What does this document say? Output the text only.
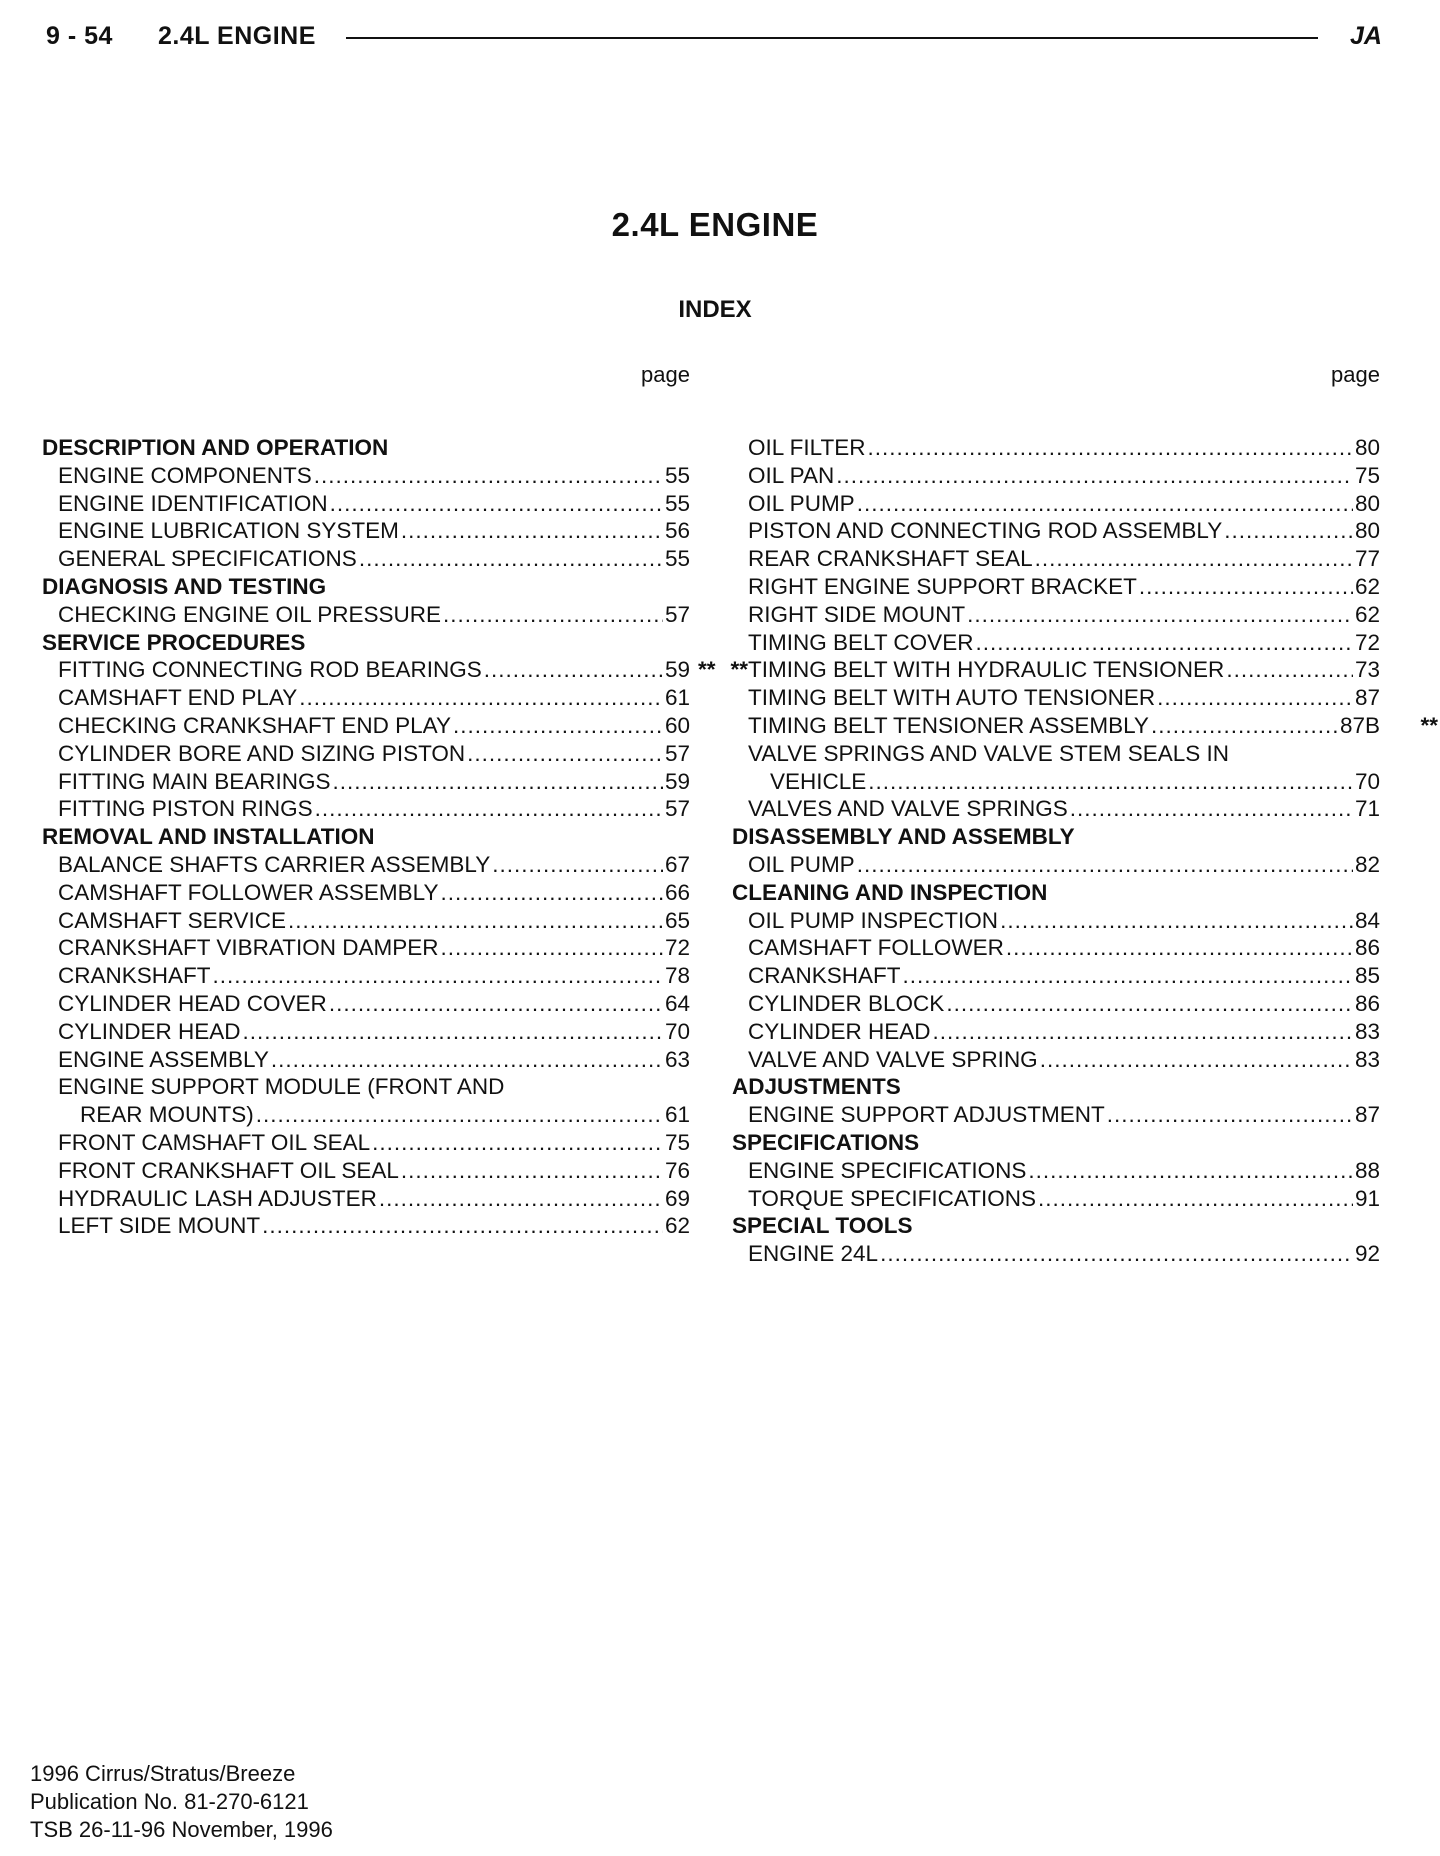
9 - 54 2.4L ENGINE	JA
2.4L ENGINE
INDEX
page
DESCRIPTION AND OPERATION
ENGINE COMPONENTS .....	55
ENGINE IDENTIFICATION .....	55
ENGINE LUBRICATION SYSTEM .....	56
GENERAL SPECIFICATIONS .....	55
DIAGNOSIS AND TESTING
CHECKING ENGINE OIL PRESSURE .....	57
SERVICE PROCEDURES
FITTING CONNECTING ROD BEARINGS .....	59 **
CAMSHAFT END PLAY .....	61
CHECKING CRANKSHAFT END PLAY .....	60
CYLINDER BORE AND SIZING PISTON .....	57
FITTING MAIN BEARINGS .....	59
FITTING PISTON RINGS .....	57
REMOVAL AND INSTALLATION
BALANCE SHAFTS CARRIER ASSEMBLY .....	67
CAMSHAFT FOLLOWER ASSEMBLY .....	66
CAMSHAFT SERVICE .....	65
CRANKSHAFT VIBRATION DAMPER .....	72
CRANKSHAFT .....	78
CYLINDER HEAD COVER .....	64
CYLINDER HEAD .....	70
ENGINE ASSEMBLY .....	63
ENGINE SUPPORT MODULE (FRONT AND
REAR MOUNTS) .....	61
FRONT CAMSHAFT OIL SEAL .....	75
FRONT CRANKSHAFT OIL SEAL .....	76
HYDRAULIC LASH ADJUSTER .....	69
LEFT SIDE MOUNT .....	62
page
OIL FILTER .....	80
OIL PAN .....	75
OIL PUMP .....	80
PISTON AND CONNECTING ROD ASSEMBLY .....	80
REAR CRANKSHAFT SEAL .....	77
RIGHT ENGINE SUPPORT BRACKET .....	62
RIGHT SIDE MOUNT .....	62
TIMING BELT COVER .....	72
TIMING BELT WITH HYDRAULIC TENSIONER .....	73
**
TIMING BELT WITH AUTO TENSIONER .....	87
TIMING BELT TENSIONER ASSEMBLY .....	87B **
VALVE SPRINGS AND VALVE STEM SEALS IN
VEHICLE .....	70
VALVES AND VALVE SPRINGS .....	71
DISASSEMBLY AND ASSEMBLY
OIL PUMP .....	82
CLEANING AND INSPECTION
OIL PUMP INSPECTION .....	84
CAMSHAFT FOLLOWER .....	86
CRANKSHAFT .....	85
CYLINDER BLOCK .....	86
CYLINDER HEAD .....	83
VALVE AND VALVE SPRING .....	83
ADJUSTMENTS
ENGINE SUPPORT ADJUSTMENT .....	87
SPECIFICATIONS
ENGINE SPECIFICATIONS .....	88
TORQUE SPECIFICATIONS .....	91
SPECIAL TOOLS
ENGINE 24L .....	92
1996 Cirrus/Stratus/Breeze
Publication No. 81-270-6121
TSB 26-11-96 November, 1996
